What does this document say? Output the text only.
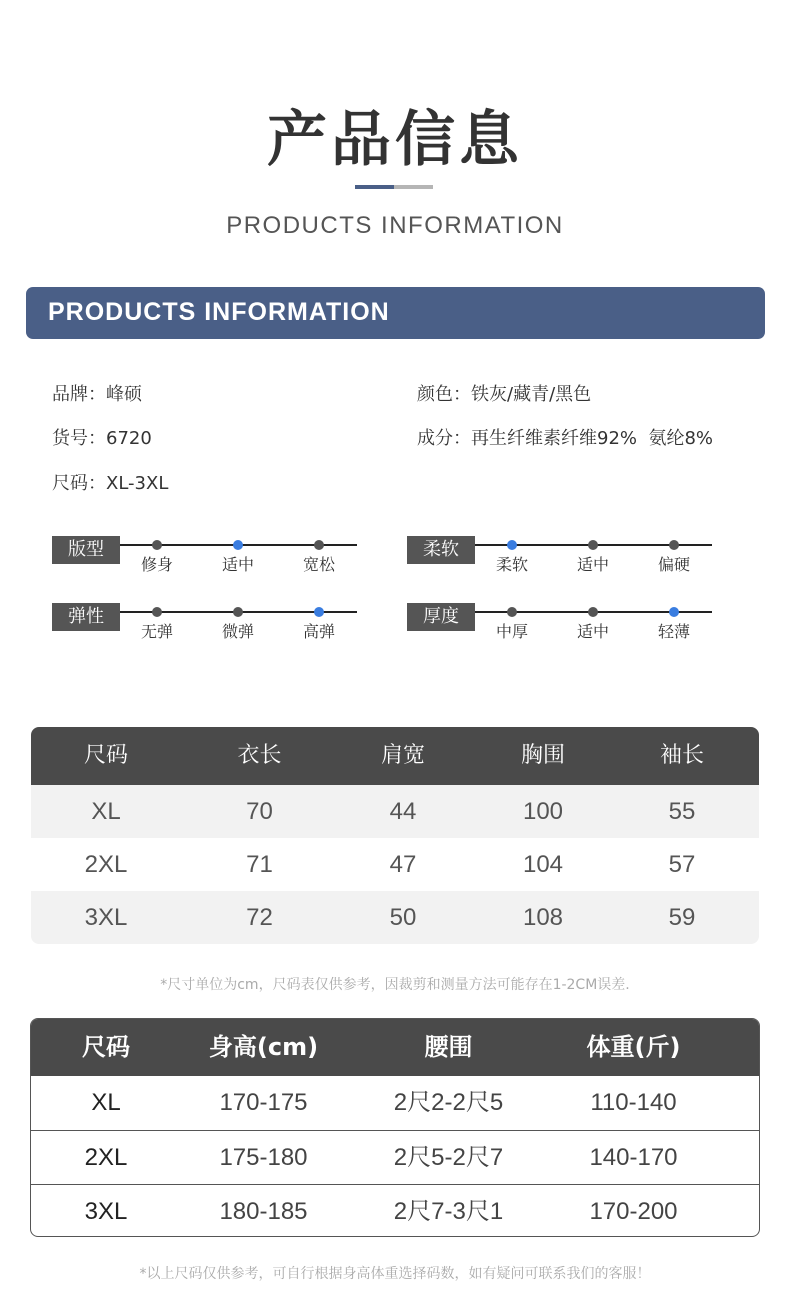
产品信息
PRODUCTS INFORMATION
PRODUCTS INFORMATION
品牌：峰硕
货号：6720
尺码：XL-3XL
颜色：铁灰/藏青/黑色
成分：再生纤维素纤维92%  氨纶8%
版型
修身	适中	宽松
柔软
柔软	适中	偏硬
弹性
无弹	微弹	高弹
厚度
中厚	适中	轻薄
尺码	衣长	肩宽	胸围	袖长
XL	70	44	100	55
2XL	71	47	104	57
3XL	72	50	108	59
*尺寸单位为cm，尺码表仅供参考，因裁剪和测量方法可能存在1-2CM误差.
尺码	身高(cm)	腰围	体重(斤)
XL	170-175	2尺2-2尺5	110-140
2XL	175-180	2尺5-2尺7	140-170
3XL	180-185	2尺7-3尺1	170-200
*以上尺码仅供参考，可自行根据身高体重选择码数，如有疑问可联系我们的客服！
